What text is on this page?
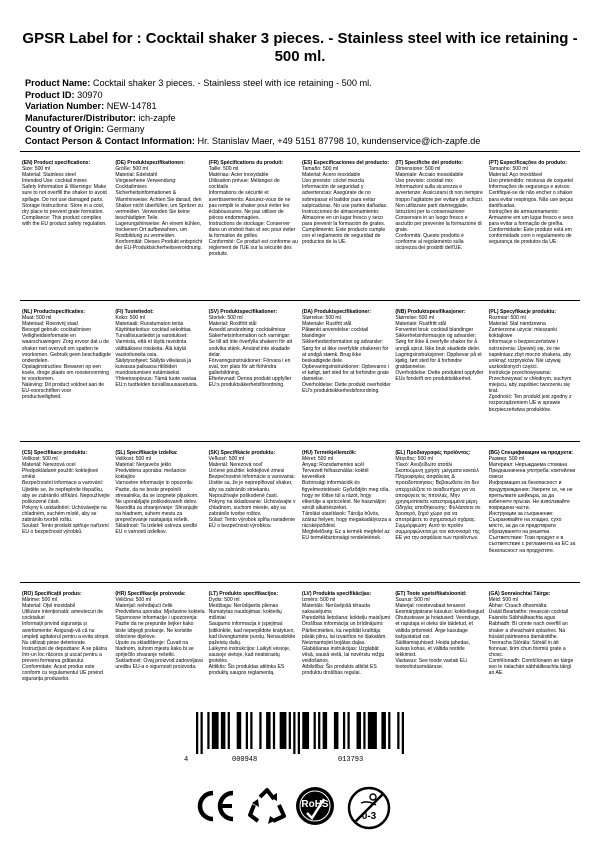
GPSR Label for : Cocktail shaker 3 pieces. - Stainless steel with ice retaining - 500 ml.
Product Name: Cocktail shaker 3 pieces. - Stainless steel with ice retaining - 500 ml.
Product ID: 30970
Variation Number: NEW-14781
Manufacturer/Distributor: ich-zapfe
Country of Origin: Germany
Contact Person & Contact Information: Hr. Stanislav Maer, +49 5151 87798 10, kundenservice@ich-zapfe.de

(EN) Product specifications:

Size: 500 ml

Material: Stainless steel

Intended Use: cocktail mixes

Safety Information & Warnings: Make sure to not overfill the shaker to avoid spillage. Do not use damaged parts.

Storage Instructions: Store in a cool, dry place to prevent grate formation.

Compliance: This product complies with the EU product safety regulation.

(DE) Produktspezifikationen:

Größe: 500 ml

Material: Edelstahl

Vorgesehene Verwendung: Cocktailmixes

Sicherheitsinformationen & Warnhinweise: Achten Sie darauf, den Shaker nicht überfüllen, um Spritzer zu vermeiden. Verwenden Sie keine beschädigten Teile.

Lagerungshinweise: An einem kühlen, trockenen Ort aufbewahren, um Rostbildung zu vermeiden.

Konformität: Dieses Produkt entspricht der EU-Produktsicherheitsverordnung.

(FR) Spécifications du produit:

Taille: 500 ml

Matériau: Acier inoxydable

Utilisation prévue: Mélanges de cocktails

Informations de sécurité et avertissements: Assurez-vous de ne pas remplir le shaker pour éviter les éclaboussures. Ne pas utiliser de pièces endommagées.

Instructions de stockage: Conserver dans un endroit frais et sec pour éviter la formation de grilles.

Conformité: Ce produit est conforme au règlement de l'UE sur la sécurité des produits.

(ES) Especificaciones del producto:

Tamaño: 500 ml

Material: Acero inoxidable

Uso previsto: cóctel mezcla

Información de seguridad y advertencias: Asegúrate de no sobrepasar el batidor para evitar salpicaduras. No use partes dañadas.

Instrucciones de almacenamiento: Almacene en un lugar fresco y seco para prevenir la formación de grates.

Cumplimiento: Este producto cumple con el reglamento de seguridad de productos de la UE.

(IT) Specifiche del prodotto:

Dimensione: 500 ml

Materiale: Acciaio inossidabile

Uso previsto: cocktail mix

Informazioni sulla sicurezza e avvertenze: Assicurarsi di non riempire troppo l'agitatore per evitare gli schizzi. Non utilizzare parti danneggiate.

Istruzioni per la conservazione: Conservare in un luogo fresco e asciutto per prevenire la formazione di grate.

Conformità: Questo prodotto è conforme al regolamento sulla sicurezza dei prodotti dell'UE.

(PT) Especificações do produto:

Tamanho: 500 ml

Material: Aço inoxidável

Uso pretendido: misturas de coquetel

Informações de segurança e avisos: Certifique-se de não encher o shaker para evitar respingos. Não use peças danificadas.

Instruções de armazenamento: Armazene em um lugar fresco e seco para evitar a formação de grelha.

Conformidade: Este produto está em conformidade com o regulamento de segurança de produtos da UE.

(NL) Productspecificaties:

Maat: 500 ml

Materiaal: Roestvrij staal

Beoogd gebruik: cocktailmixen

Veiligheidsinformatie en waarschuwingen: Zorg ervoor dat u de shaker niet overvult om spatten te voorkomen. Gebruik geen beschadigde onderdelen.

Opslaginstructies: Bewaren op een koele, droge plaats om roostervorming te voorkomen.

Naleving: Dit product voldoet aan de EU-voorschriften voor productveiligheid.

(FI) Tuotetiedot:

Koko: 500 ml

Materiaali: Ruostumaton teräs

Käyttötarkoitus: cocktail sekoittaa

Turvallisuustiedot ja varoitukset: Varmista, että et täytä ravistinta välttääksesi roiskeita. Älä käytä vaurioituneita osia.

Säilytysohjeet: Säilytä viileässä ja kuivassa paikassa ritilöiden muodostumisen estämiseksi.

Yhteensopivuus: Tämä tuote vastaa EU:n tuotteiden turvallisuusasetusta.

(SV) Produktspecifikationer:

Storlek: 500 ml

Material: Rostfritt stål

Avsedd användning: cocktailmixar

Säkerhetsinformation och varningar: Se till att inte överfylla shakern för att undvika stänk. Använd inte skadade delar.

Förvaringsinstruktioner: Förvara i en sval, torr plats för att förhindra gallerbildning.

Efterlevnad: Denna produkt uppfyller EU:s produktsäkerhetsförordning.

(DA) Produktspecifikationer:

Størrelse: 500 ml

Materiale: Rustfrit stål

Påtænkt anvendelse: cocktail blandinger

Sikkerhedsinformation og advarsler: Sørg for at ikke overfylde shakeren for at undgå stænk. Brug ikke beskadigede dele.

Opbevaringsinstruktioner: Opbevares i et køligt, tørt sted for at forhindre grate dannelse.

Overholdelse: Dette produkt overholder EU's produktsikkerhedsforordning.

(NB) Produktspesifikasjoner:

Størrelse: 500 ml

Materiale: Rustfritt stål

Forventet bruk: cocktail blandinger

Sikkerhetsinformasjon og advarsler: Sørg for ikke å overfylle shaker for å unngå sprut. Ikke bruk skadede deler.

Lagringsinstruksjoner: Oppbevar på et kjølig, tørt sted for å forhindre gratdannelse.

Overholdelse: Dette produktet oppfyller EUs forskrift om produktsikkerhet.

(PL) Specyfikacje produktu:

Rozmiar: 500 ml

Materiał: Stal nierdzewna

Zamierzone użycie: mieszanki koktajlowe

Informacje o bezpieczeństwie i ostrzeżenia: Upewnij się, że nie napełniasz zbyt mocno shakera, aby uniknąć rozprysków. Nie używaj uszkodzonych części.

Instrukcje przechowywania: Przechowywać w chłodnym, suchym miejscu, aby zapobiec tworzeniu się krat.

Zgodność: Ten produkt jest zgodny z rozporządzeniem UE w sprawie bezpieczeństwa produktów.

(CS) Specifikace produktu:

Velikost: 500 ml

Materiál: Nerezová ocel

Předpokládané použití: koktejlové směsi

Bezpečnostní informace a varování: Ujistěte se, že nepřeplníte třepačku, aby se zabránilo stříkání. Nepoužívejte poškozené části.

Pokyny k uskladnění: Uchovávejte na chladném, suchém místě, aby se zabránilo tvorbě roštu.

Soulad: Tento produkt splňuje nařízení EU o bezpečnosti výrobků.

(SL) Specifikacije izdelka:

Velikost: 500 ml

Material: Nerjaveče jeklo

Predvidena uporaba: mešanice koktajlov

Varnostne informacije in opozorila: Pazite, da ne boste prepolnili stresalnika, da se izognete pljuskom. Ne uporabljajte poškodovanih delov.

Navodila za shranjevanje: Shranjujte na hladnem, suhem mestu za preprečevanje nastajanja rešetk.

Skladnost: Ta izdelek ustreza uredbi EU o varnosti izdelkov.

(SK) Špecifikácie produktu:

Veľkosť: 500 ml

Materiál: Nerezová oceľ

Určené použitie: koktejlové zmesi

Bezpečnostné informácie a varovania: Uistite sa, že je nepreplňovať shaker, aby sa zabránilo striekaniu. Nepoužívajte poškodené časti.

Pokyny na skladovanie: Uchovávajte v chladnom, suchom mieste, aby sa zabránilo tvorbe roštov.

Súlad: Tento výrobok spĺňa nariadenie EÚ o bezpečnosti výrobkov.

(HU) Termékjellemzők:

Méret: 500 ml

Anyag: Rozsdamentes acél

Tervezett felhasználás: koktél keverékek

Biztonsági információk és figyelmeztetések: Győződjön meg róla, hogy ne töltse túl a rázót, hogy elkerülje a spriccelést. Ne használjon sérült alkatrészeket.

Tárolási utasítások: Tárolja hűvös, száraz helyen, hogy megakadályozza a rácsképződést.

Megfelelőség: Ez a termék megfelel az EU termékbiztonsági rendeletének.

(EL) Προδιαγραφές προϊόντος:

Μέγεθος: 500 ml

Υλικό: Ανοξείδωτο ατσάλι

Σκοπούμενη χρήση: μείγματα κοκτέιλ

Πληροφορίες ασφάλειας & προειδοποιήσεις: Βεβαιωθείτε ότι δεν υπερχειλίζετε το αναδευτήρα για να αποφύγετε τις πιτσιλιές. Μην χρησιμοποιείτε κατεστραμμένα μέρη.

Οδηγίες αποθήκευσης: Φυλάσσετε σε δροσερό, ξηρό χώρο για να αποτρέψετε το σχηματισμό σχάρας.

Συμμόρφωση: Αυτό το προϊόν συμμορφώνεται με τον κανονισμό της ΕΕ για την ασφάλεια των προϊόντων.

(BG) Спецификации на продукта:

Размер: 500 ml

Материал: Неръждаема стомана

Предназначена употреба: коктейлни смеси

Информация за безопасност и предупреждения: Уверете се, че не препълвате шейкъра, за да избегнете пръски. Не използвайте повредени части.

Инструкции за съхранение: Съхранявайте на хладно, сухо място, за да се предотврати образуването на решетки.

Съответствие: Този продукт е в съответствие с регламента на ЕС за безопасност на продуктите.

(RO) Specificații produs:

Mărime: 500 ml

Material: Oțel inoxidabil

Utilizare intenționată: amestecuri de cocktailuri

Informații privind siguranța și avertismente: Asigurați-vă că nu umpleți agitatorul pentru a evita stropii. Nu utilizați piese deteriorate.

Instrucțiuni de depozitare: A se păstra într-un loc răcoros și uscat pentru a preveni formarea grătarului.

Conformitate: Acest produs este conform cu regulamentul UE privind siguranța produselor.

(HR) Specifikacije proizvoda:

Veličina: 500 ml

Materijal: nehrđajući čelik

Predviđena uporaba: Mješavine koktela

Sigurnosne informacije i upozorenja: Pazite da ne prepunite šejker kako biste izbjegli prskanje. Ne koristite oštećene dijelove.

Upute za skladištenje: Čuvati na hladnom, suhom mjestu kako bi se spriječilo stvaranje rešetki.

Sukladnost: Ovaj proizvod zadovoljava uredbu EU-a o sigurnosti proizvoda.

(LT) Produkto specifikacijos:

Dydis: 500 ml

Medžiaga: Nerūdijantis plienas

Numatytas naudojimas: kokteilių mišiniai

Saugumo informacija ir įspėjimai: Įsitikinkite, kad neperpildote kratytuvo, kad išvengtumėte purslų. Nenaudokite pažeistų dalių.

Laikymo instrukcijos: Laikyti vėsioje, sausoje vietoje, kad neatsirastų grotelės.

Atitiktis: Šis produktas atitinka ES produktų saugos reglamentą.

(LV) Produkta specifikācijas:

Izmērs: 500 ml

Materiāls: Nerūsējošā tērauda sakausējums

Paredzētā lietošana: kokteiļu maisījumi

Drošības informācija un brīdinājumi: Pārliecinieties, ka nepildāt kratītāju pārāk pilnu, lai izvairītos no šļakatām. Neizmantojiet bojātas daļas.

Glabāšanas instrukcijas: Uzglabāt vēsā, sausā vietā, lai novērstu režģu veidošanos.

Atbilstība: Šis produkts atbilst ES produktu drošības regulai.

(ET) Toote spetsifikatsioonid:

Suurus: 500 ml

Materjal: roostevabast terasest

Eesmärgipärane kasutus: kokteilisegud

Ohutusteave ja hoiatused: Veenduge, et raputaja ei oleks üle täidetud, et vältida pritsmeid. Ärge kasutage kahjustatud osi.

Säilitamisjuhised: Hoida jahedas, kuivas kohas, et vältida restide tekkimist.

Vastavus: See toode vastab ELi tooteohutusmääruse.

(GA) Sonraíochtaí Táirge:

Méid: 500 ml

Ábhar: Cruach dhosmálta

Úsáid Beartaithe: meascán cocktail

Faisnéis Sábháilteachta agus Rabhadh: Bí cinnte nach overfill an shaker a sheachaint splashes. Ná húsáid páirteanna damáistithe.

Treoracha Stórála: Stóráil in áit fionnuar, tirim chun foirmiú grate a chosc.

Comhlíonadh: Comhlíonann an táirge seo le rialachán sábháilteachta táirgí an AE.

4	000948	013793
RoHS
0-3
